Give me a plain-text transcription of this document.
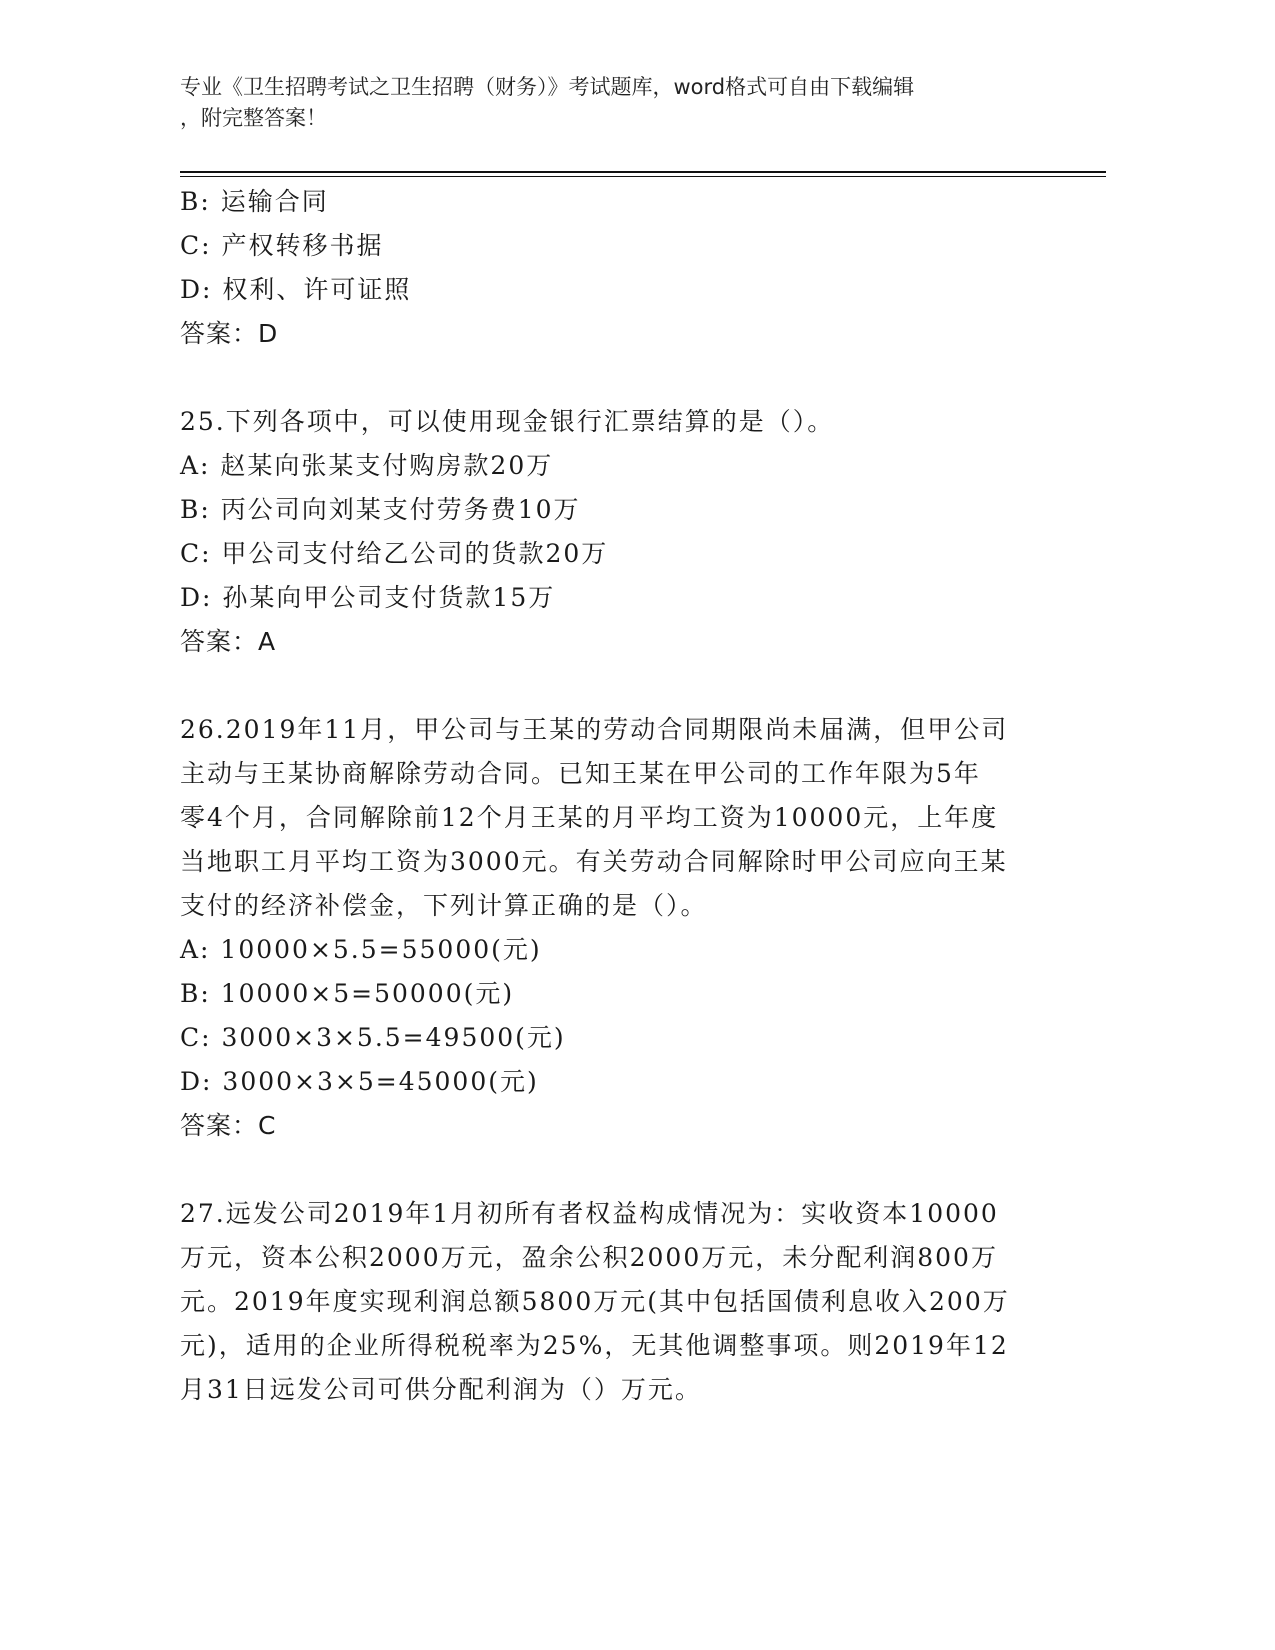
专业《卫生招聘考试之卫生招聘（财务）》考试题库，word格式可自由下载编辑
，附完整答案！
B: 运输合同
C: 产权转移书据
D: 权利、许可证照
答案：D
25.下列各项中，可以使用现金银行汇票结算的是（）。
A: 赵某向张某支付购房款20万
B: 丙公司向刘某支付劳务费10万
C: 甲公司支付给乙公司的货款20万
D: 孙某向甲公司支付货款15万
答案：A
26.2019年11月，甲公司与王某的劳动合同期限尚未届满，但甲公司
主动与王某协商解除劳动合同。已知王某在甲公司的工作年限为5年
零4个月，合同解除前12个月王某的月平均工资为10000元，上年度
当地职工月平均工资为3000元。有关劳动合同解除时甲公司应向王某
支付的经济补偿金，下列计算正确的是（）。
A: 10000×5.5=55000(元)
B: 10000×5=50000(元)
C: 3000×3×5.5=49500(元)
D: 3000×3×5=45000(元)
答案：C
27.远发公司2019年1月初所有者权益构成情况为：实收资本10000
万元，资本公积2000万元，盈余公积2000万元，未分配利润800万
元。2019年度实现利润总额5800万元(其中包括国债利息收入200万
元)，适用的企业所得税税率为25%，无其他调整事项。则2019年12
月31日远发公司可供分配利润为（）万元。
